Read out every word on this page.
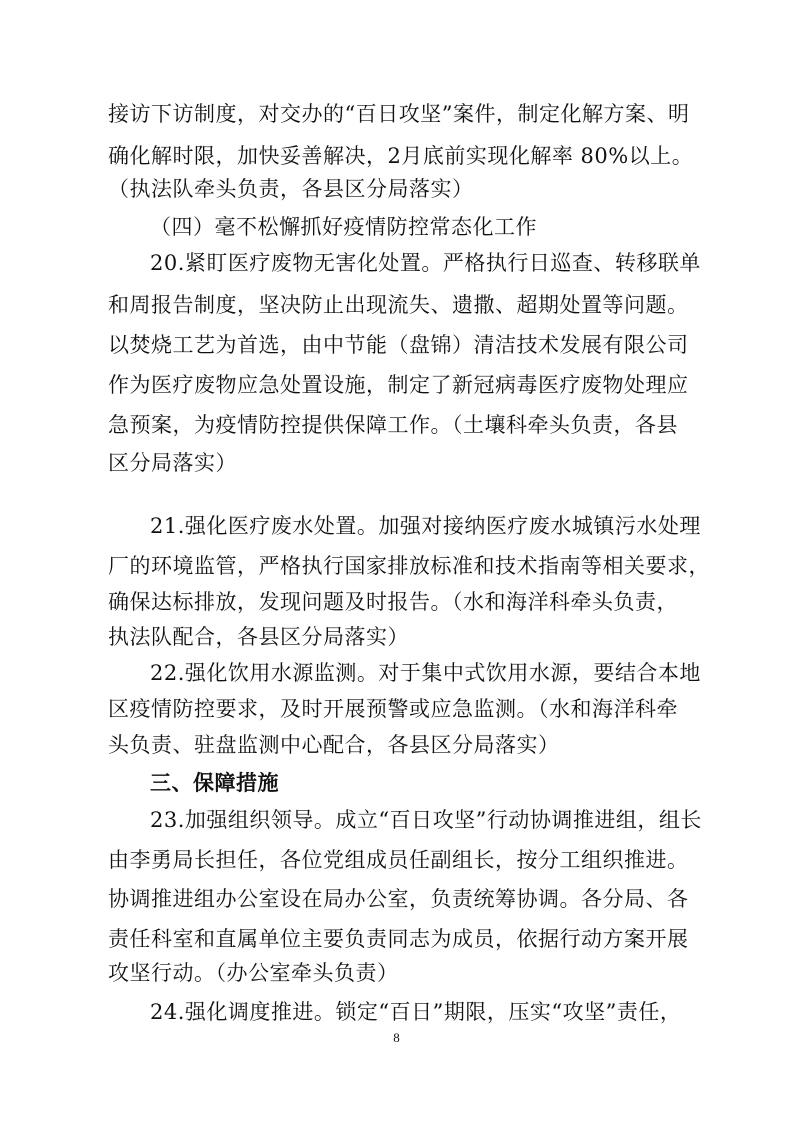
接访下访制度，对交办的“百日攻坚”案件，制定化解方案、明
确化解时限，加快妥善解决，2月底前实现化解率 80%以上。
（执法队牵头负责，各县区分局落实）
（四）毫不松懈抓好疫情防控常态化工作
20.紧盯医疗废物无害化处置。严格执行日巡查、转移联单
和周报告制度，坚决防止出现流失、遗撒、超期处置等问题。
以焚烧工艺为首选，由中节能（盘锦）清洁技术发展有限公司
作为医疗废物应急处置设施，制定了新冠病毒医疗废物处理应
急预案，为疫情防控提供保障工作。（土壤科牵头负责，各县
区分局落实）
21.强化医疗废水处置。加强对接纳医疗废水城镇污水处理
厂的环境监管，严格执行国家排放标准和技术指南等相关要求，
确保达标排放，发现问题及时报告。（水和海洋科牵头负责，
执法队配合，各县区分局落实）
22.强化饮用水源监测。对于集中式饮用水源，要结合本地
区疫情防控要求，及时开展预警或应急监测。（水和海洋科牵
头负责、驻盘监测中心配合，各县区分局落实）
三、保障措施
23.加强组织领导。成立“百日攻坚”行动协调推进组，组长
由李勇局长担任，各位党组成员任副组长，按分工组织推进。
协调推进组办公室设在局办公室，负责统筹协调。各分局、各
责任科室和直属单位主要负责同志为成员，依据行动方案开展
攻坚行动。（办公室牵头负责）
24.强化调度推进。锁定“百日”期限，压实“攻坚”责任，
8
